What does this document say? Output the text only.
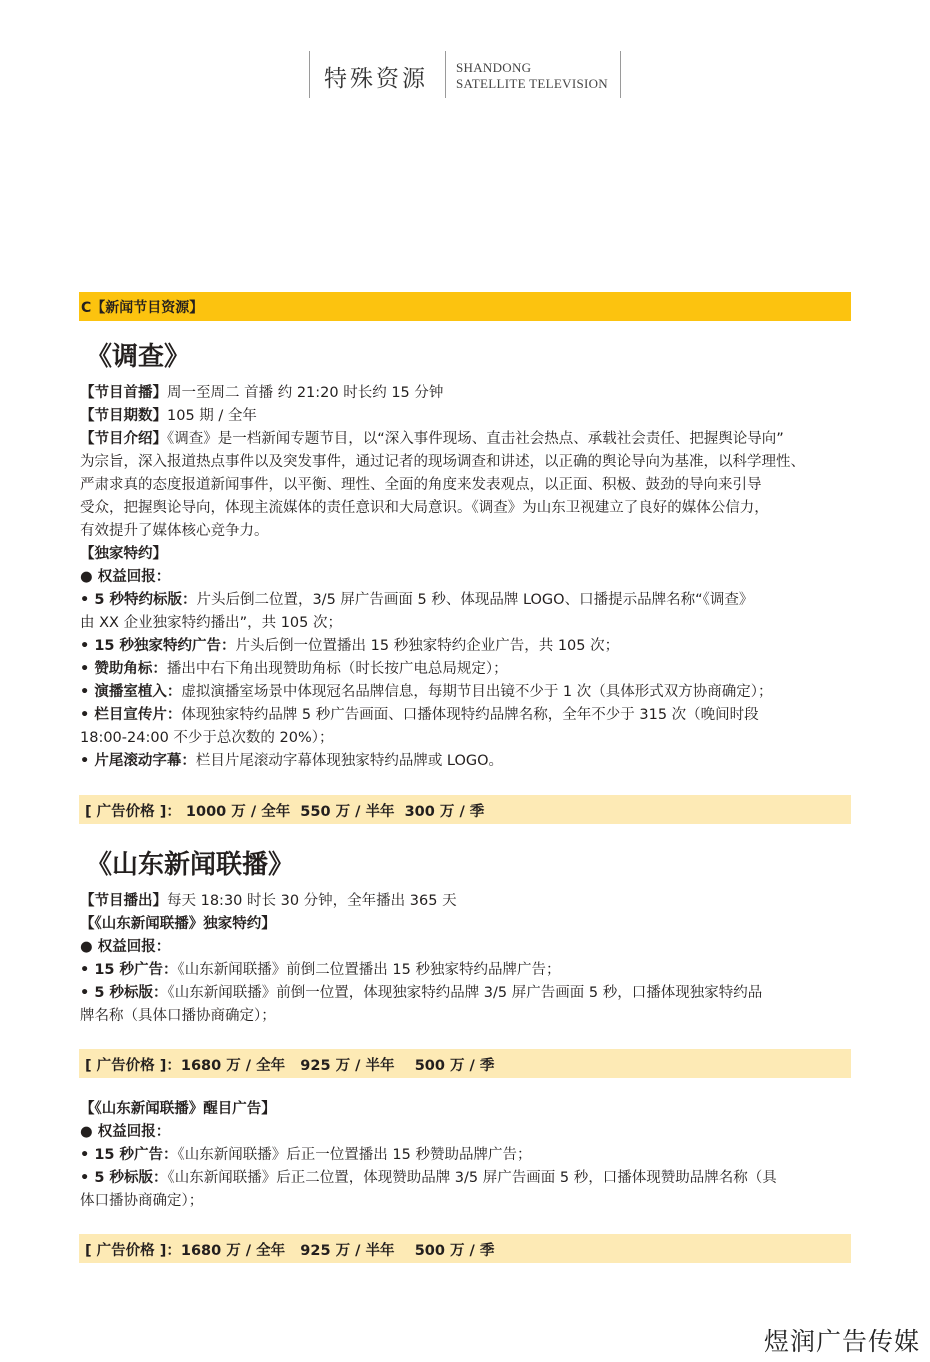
特殊资源 SHANDONG
SATELLITE TELEVISION
C【新闻节目资源】
《调查》
【节目首播】周一至周二 首播 约 21:20 时长约 15 分钟
【节目期数】105 期 / 全年
【节目介绍】《调查》是一档新闻专题节目，以“深入事件现场、直击社会热点、承载社会责任、把握舆论导向”
为宗旨，深入报道热点事件以及突发事件，通过记者的现场调查和讲述，以正确的舆论导向为基准，以科学理性、
严肃求真的态度报道新闻事件，以平衡、理性、全面的角度来发表观点，以正面、积极、鼓劲的导向来引导
受众，把握舆论导向，体现主流媒体的责任意识和大局意识。《调查》为山东卫视建立了良好的媒体公信力，
有效提升了媒体核心竞争力。
【独家特约】
● 权益回报：
• 5 秒特约标版：片头后倒二位置，3/5 屏广告画面 5 秒、体现品牌 LOGO、口播提示品牌名称“《调查》
由 XX 企业独家特约播出”，共 105 次；
• 15 秒独家特约广告：片头后倒一位置播出 15 秒独家特约企业广告，共 105 次；
• 赞助角标：播出中右下角出现赞助角标（时长按广电总局规定）；
• 演播室植入：虚拟演播室场景中体现冠名品牌信息，每期节目出镜不少于 1 次（具体形式双方协商确定）；
• 栏目宣传片：体现独家特约品牌 5 秒广告画面、口播体现特约品牌名称，全年不少于 315 次（晚间时段
18:00-24:00 不少于总次数的 20%）；
• 片尾滚动字幕：栏目片尾滚动字幕体现独家特约品牌或 LOGO。
[ 广告价格 ]： 1000 万 / 全年  550 万 / 半年  300 万 / 季
《山东新闻联播》
【节目播出】每天 18:30 时长 30 分钟，全年播出 365 天
【《山东新闻联播》独家特约】
● 权益回报：
• 15 秒广告：《山东新闻联播》前倒二位置播出 15 秒独家特约品牌广告；
• 5 秒标版：《山东新闻联播》前倒一位置，体现独家特约品牌 3/5 屏广告画面 5 秒，口播体现独家特约品
牌名称（具体口播协商确定）；
[ 广告价格 ]：1680 万 / 全年   925 万 / 半年    500 万 / 季
【《山东新闻联播》醒目广告】
● 权益回报：
• 15 秒广告：《山东新闻联播》后正一位置播出 15 秒赞助品牌广告；
• 5 秒标版：《山东新闻联播》后正二位置，体现赞助品牌 3/5 屏广告画面 5 秒，口播体现赞助品牌名称（具
体口播协商确定）；
[ 广告价格 ]：1680 万 / 全年   925 万 / 半年    500 万 / 季
煜润广告传媒
